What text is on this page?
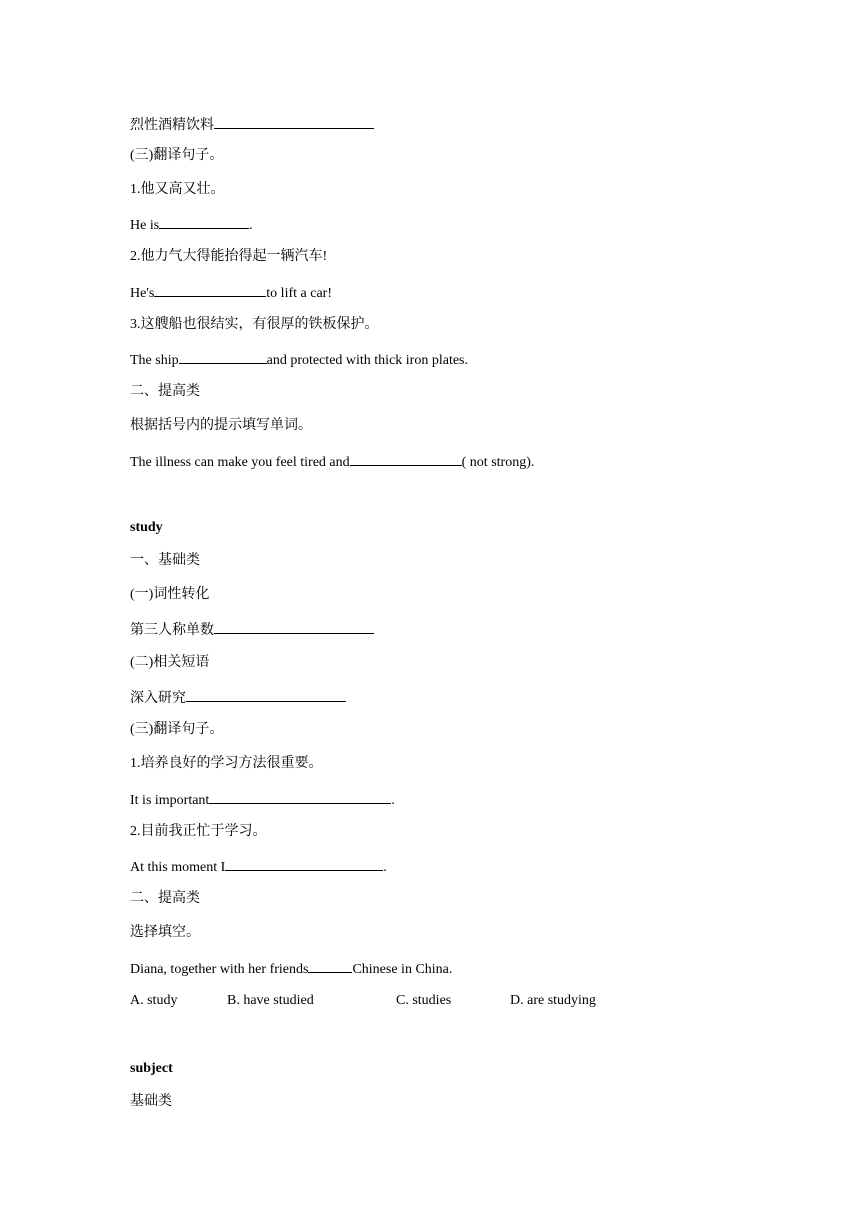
烈性酒精饮料
(三)翻译句子。
1.他又高又壮。
He is	.
2.他力气大得能抬得起一辆汽车!
He's	to lift a car!
3.这艘船也很结实，有很厚的铁板保护。
The ship	and protected with thick iron plates.
二、提高类
根据括号内的提示填写单词。
The illness can make you feel tired and	( not strong).
study
一、基础类
(一)词性转化
第三人称单数
(二)相关短语
深入研究
(三)翻译句子。
1.培养良好的学习方法很重要。
It is important	.
2.目前我正忙于学习。
At this moment I	.
二、提高类
选择填空。
Diana, together with her friends	Chinese in China.

A. study

	B. have studied

	C. studies

	D. are studying

subject
基础类
